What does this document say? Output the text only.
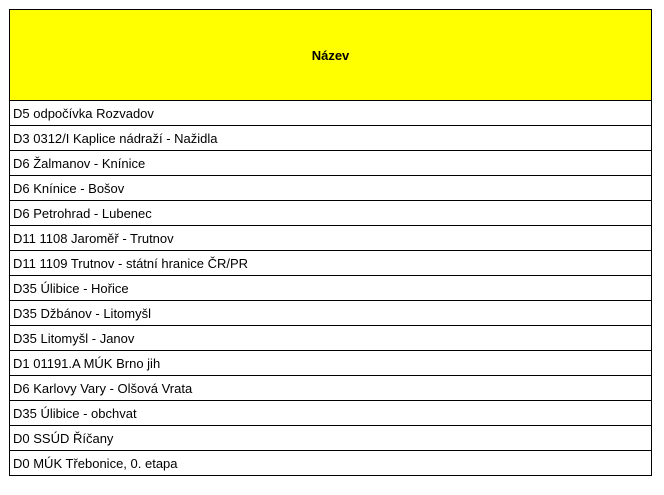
Název
D5 odpočívka Rozvadov
D3 0312/I Kaplice nádraží - Nažidla
D6 Žalmanov - Knínice
D6 Knínice - Bošov
D6 Petrohrad - Lubenec
D11 1108 Jaroměř - Trutnov
D11 1109 Trutnov - státní hranice ČR/PR
D35 Úlibice - Hořice
D35 Džbánov - Litomyšl
D35 Litomyšl - Janov
D1 01191.A MÚK Brno jih
D6 Karlovy Vary - Olšová Vrata
D35 Úlibice - obchvat
D0 SSÚD Říčany
D0 MÚK Třebonice, 0. etapa
